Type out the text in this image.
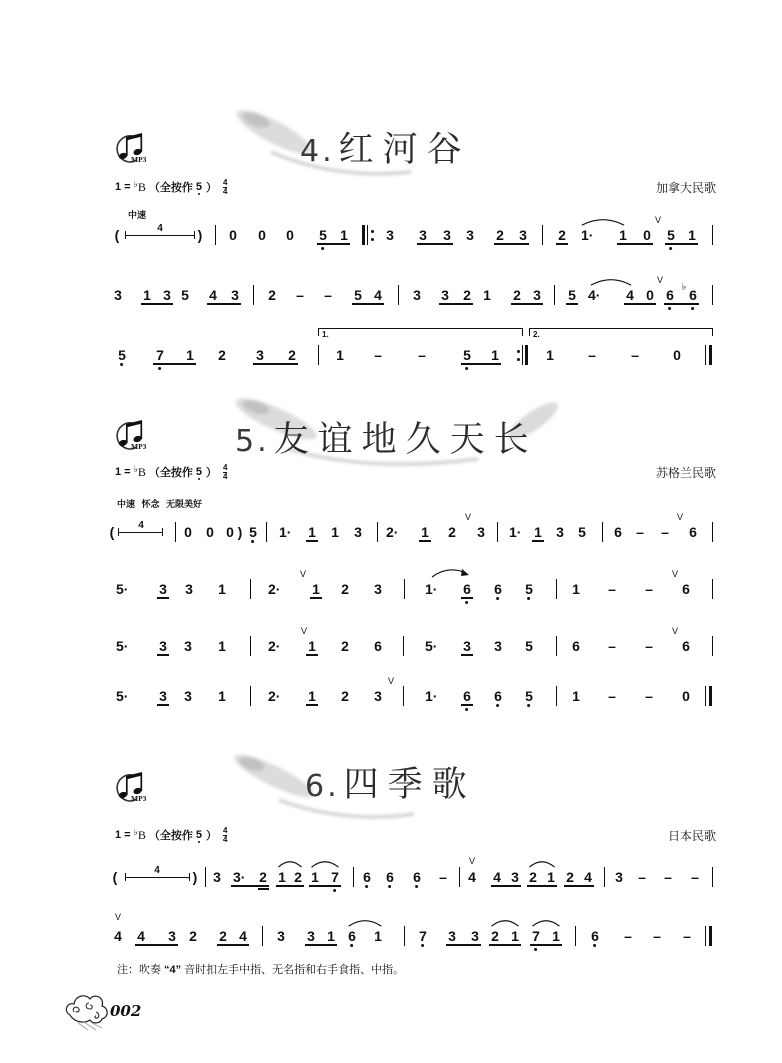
MP3	4. 红河谷
1 = ♭ B （全按作 5 ） 4
4	加拿大民歌
中速
(	4 ) 0 0 0 5 1	3 3 3 3 2 3 2 1· 1 0
V
5 1
3 1 3 5 4 3 2 – – 5 4 3 3 2 1 2 3 5 4· 4 0
V
6 ♭ 6
5 7 1 2 3 2
1.
1 –	–	5 1
2.
1 –	– 0
MP3	5. 友谊地久天长
1 = ♭ B （全按作 5 ） 4
4	苏格兰民歌
中速 怀念 无限美好
( 4	0 0 0 ) 5 1· 1 1 3 2· 1 2
V
3 1· 1 3 5 6 – –
V
6
5· 3 3 1	2·
V
1 2 3	1· 6 6 5	1 – –
V
6
5· 3 3 1	2·
V
1 2 6	5· 3 3 5	6 – –
V
6
5· 3 3 1	2· 1 2 3
V
1· 6 6 5	1 – – 0
MP3	6. 四季歌
1 = ♭ B （全按作 5 ） 4
4	日本民歌
(	4 ) 3 3· 2 1 2 1 7 6 6 6 –
V
4 4 3 2 1 2 4 3 – – –
V
4 4 3 2 2 4 3 3 1 6 1	7 3 3 2 1 7 1 6 – – –
注：吹奏 “4” 音时扣左手中指、无名指和右手食指、中指。
002
